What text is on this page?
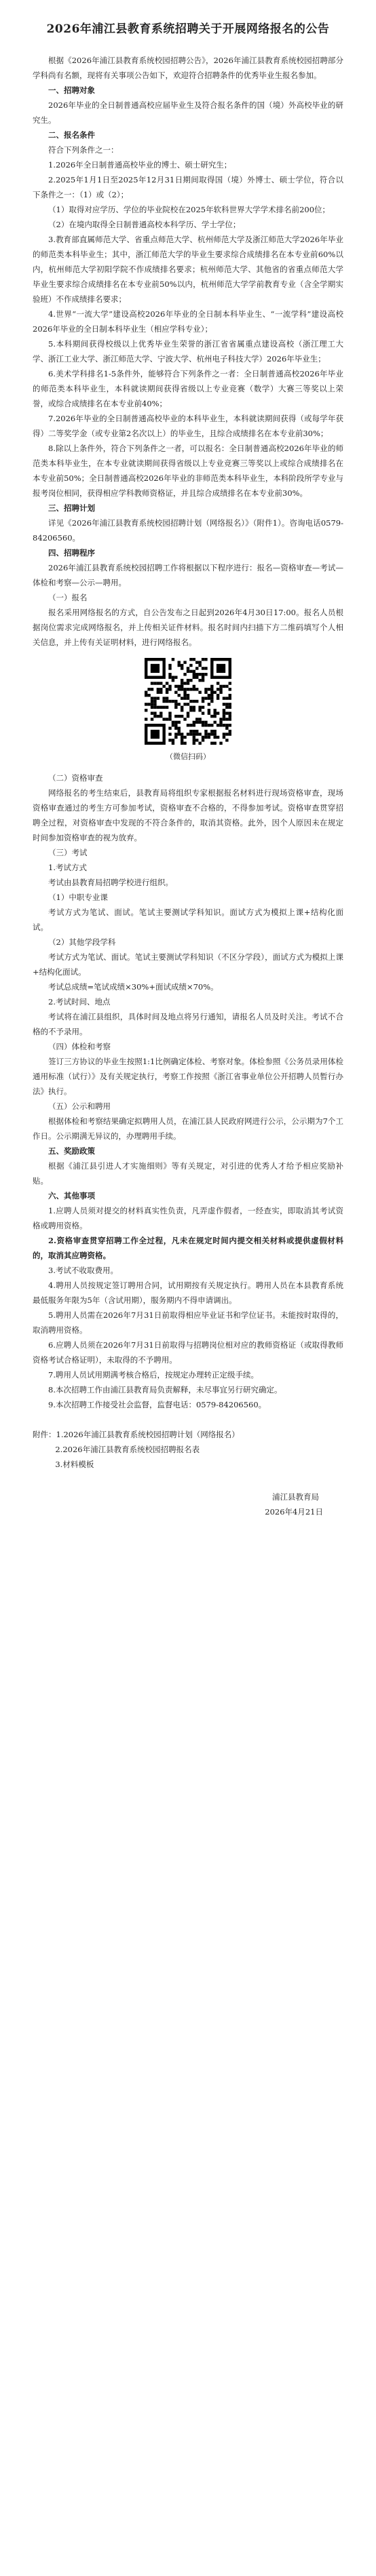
2026年浦江县教育系统招聘关于开展网络报名的公告

根据《2026年浦江县教育系统校园招聘公告》，2026年浦江县教育系统校园招聘部分学科尚有名额，现将有关事项公告如下，欢迎符合招聘条件的优秀毕业生报名参加。

一、招聘对象

2026年毕业的全日制普通高校应届毕业生及符合报名条件的国（境）外高校毕业的研究生。

二、报名条件

符合下列条件之一：

1.2026年全日制普通高校毕业的博士、硕士研究生；

2.2025年1月1日至2025年12月31日期间取得国（境）外博士、硕士学位，符合以下条件之一：（1）或（2）；

（1）取得对应学历、学位的毕业院校在2025年软科世界大学学术排名前200位；

（2）在境内取得全日制普通高校本科学历、学士学位；

3.教育部直属师范大学、省重点师范大学、杭州师范大学及浙江师范大学2026年毕业的师范类本科毕业生；其中，浙江师范大学的毕业生要求综合成绩排名在本专业前60%以内，杭州师范大学初阳学院不作成绩排名要求；杭州师范大学、其他省的省重点师范大学毕业生要求综合成绩排名在本专业前50%以内，杭州师范大学学前教育专业（含全学期实验班）不作成绩排名要求；

4.世界“一流大学”建设高校2026年毕业的全日制本科毕业生、“一流学科”建设高校2026年毕业的全日制本科毕业生（相应学科专业）；

5.本科期间获得校级以上优秀毕业生荣誉的浙江省省属重点建设高校（浙江理工大学、浙江工业大学、浙江师范大学、宁波大学、杭州电子科技大学）2026年毕业生；

6.美术学科排名1-5条件外，能够符合下列条件之一者：全日制普通高校2026年毕业的师范类本科毕业生，本科就读期间获得省级以上专业竞赛（数学）大赛三等奖以上荣誉，或综合成绩排名在本专业前40%；

7.2026年毕业的全日制普通高校毕业的本科毕业生，本科就读期间获得（或每学年获得）二等奖学金（或专业第2名次以上）的毕业生，且综合成绩排名在本专业前30%；

8.除以上条件外，符合下列条件之一者，可以报名：全日制普通高校2026年毕业的师范类本科毕业生，在本专业就读期间获得省级以上专业竞赛三等奖以上或综合成绩排名在本专业前50%；全日制普通高校2026年毕业的非师范类本科毕业生，本科阶段所学专业与报考岗位相同，获得相应学科教师资格证，并且综合成绩排名在本专业前30%。

三、招聘计划

详见《2026年浦江县教育系统校园招聘计划（网络报名）》（附件1）。咨询电话0579-84206560。

四、招聘程序

2026年浦江县教育系统校园招聘工作将根据以下程序进行：报名—资格审查—考试—体检和考察—公示—聘用。

（一）报名

报名采用网络报名的方式，自公告发布之日起到2026年4月30日17:00。报名人员根据岗位需求完成网络报名，并上传相关证件材料。报名时间内扫描下方二维码填写个人相关信息，并上传有关证明材料，进行网络报名。

（微信扫码）

（二）资格审查

网络报名的考生结束后，县教育局将组织专家根据报名材料进行现场资格审查，现场资格审查通过的考生方可参加考试，资格审查不合格的，不得参加考试。资格审查贯穿招聘全过程，对资格审查中发现的不符合条件的，取消其资格。此外，因个人原因未在规定时间参加资格审查的视为放弃。

（三）考试

1.考试方式

考试由县教育局招聘学校进行组织。

（1）中职专业课

考试方式为笔试、面试。笔试主要测试学科知识。面试方式为模拟上课+结构化面试。

（2）其他学段学科

考试方式为笔试、面试。笔试主要测试学科知识（不区分学段），面试方式为模拟上课+结构化面试。

考试总成绩=笔试成绩×30%+面试成绩×70%。

2.考试时间、地点

考试将在浦江县组织，具体时间及地点将另行通知，请报名人员及时关注。考试不合格的不予录用。

（四）体检和考察

签订三方协议的毕业生按照1:1比例确定体检、考察对象。体检参照《公务员录用体检通用标准（试行）》及有关规定执行，考察工作按照《浙江省事业单位公开招聘人员暂行办法》执行。

（五）公示和聘用

根据体检和考察结果确定拟聘用人员，在浦江县人民政府网进行公示，公示期为7个工作日。公示期满无异议的，办理聘用手续。

五、奖励政策

根据《浦江县引进人才实施细则》等有关规定，对引进的优秀人才给予相应奖励补贴。

六、其他事项

1.应聘人员须对提交的材料真实性负责，凡弄虚作假者，一经查实，即取消其考试资格或聘用资格。

2.资格审查贯穿招聘工作全过程，凡未在规定时间内提交相关材料或提供虚假材料的，取消其应聘资格。

3.考试不收取费用。

4.聘用人员按规定签订聘用合同，试用期按有关规定执行。聘用人员在本县教育系统最低服务年限为5年（含试用期），服务期内不得申请调出。

5.聘用人员需在2026年7月31日前取得相应毕业证书和学位证书。未能按时取得的，取消聘用资格。

6.应聘人员须在2026年7月31日前取得与招聘岗位相对应的教师资格证（或取得教师资格考试合格证明），未取得的不予聘用。

7.聘用人员试用期满考核合格后，按规定办理转正定级手续。

8.本次招聘工作由浦江县教育局负责解释，未尽事宜另行研究确定。

9.本次招聘工作接受社会监督，监督电话：0579-84206560。

附件：1.2026年浦江县教育系统校园招聘计划（网络报名）
2.2026年浦江县教育系统校园招聘报名表
3.材料模板
浦江县教育局
2026年4月21日
